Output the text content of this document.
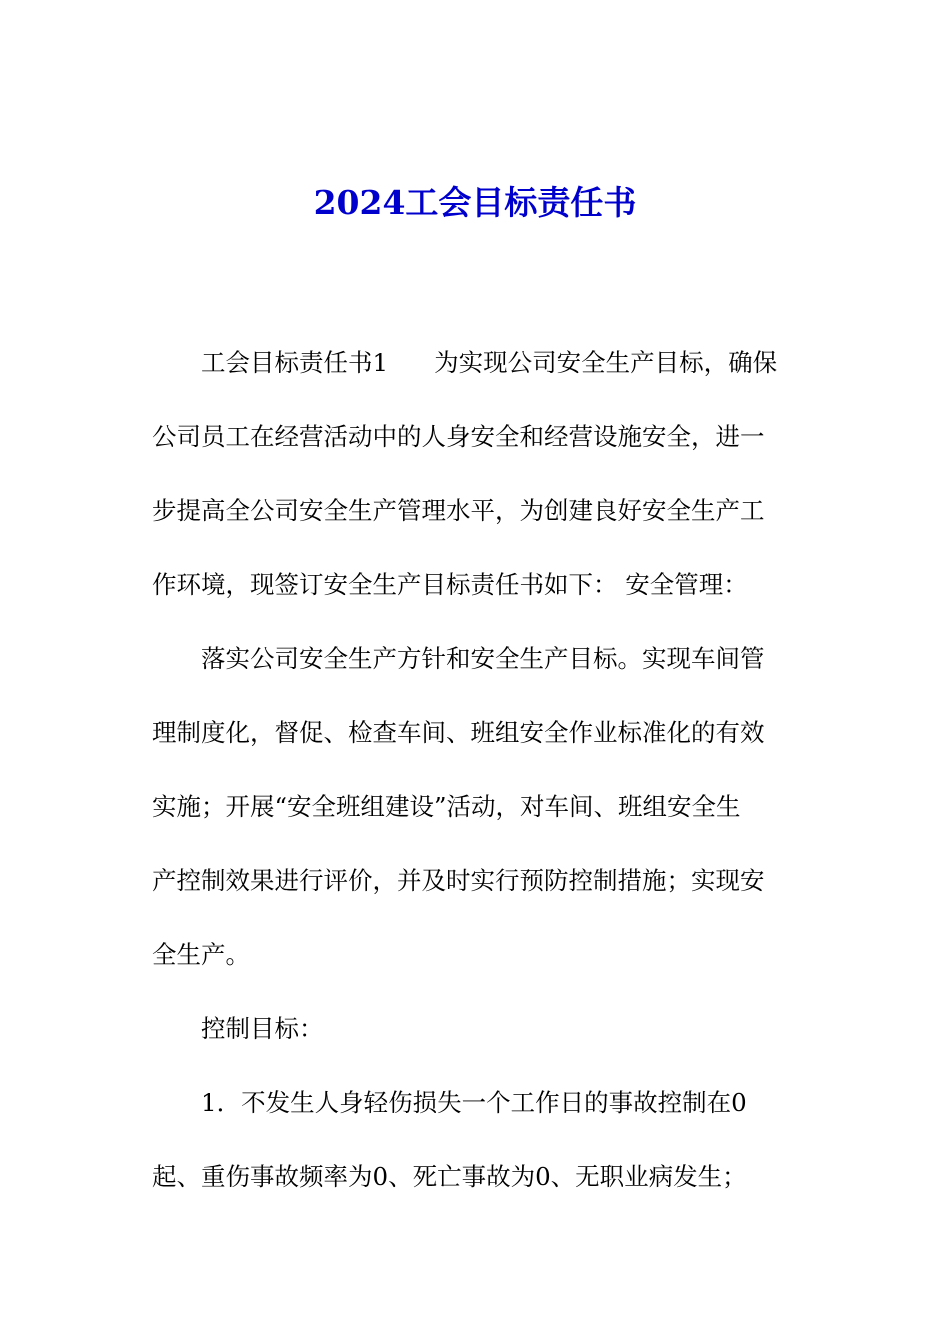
2024工会目标责任书
工会目标责任书1 为实现公司安全生产目标，确保
公司员工在经营活动中的人身安全和经营设施安全，进一
步提高全公司安全生产管理水平，为创建良好安全生产工
作环境，现签订安全生产目标责任书如下： 安全管理：
落实公司安全生产方针和安全生产目标。实现车间管
理制度化，督促、检查车间、班组安全作业标准化的有效
实施；开展“安全班组建设”活动，对车间、班组安全生
产控制效果进行评价，并及时实行预防控制措施；实现安
全生产。
控制目标：
1．不发生人身轻伤损失一个工作日的事故控制在0
起、重伤事故频率为0、死亡事故为0、无职业病发生；
